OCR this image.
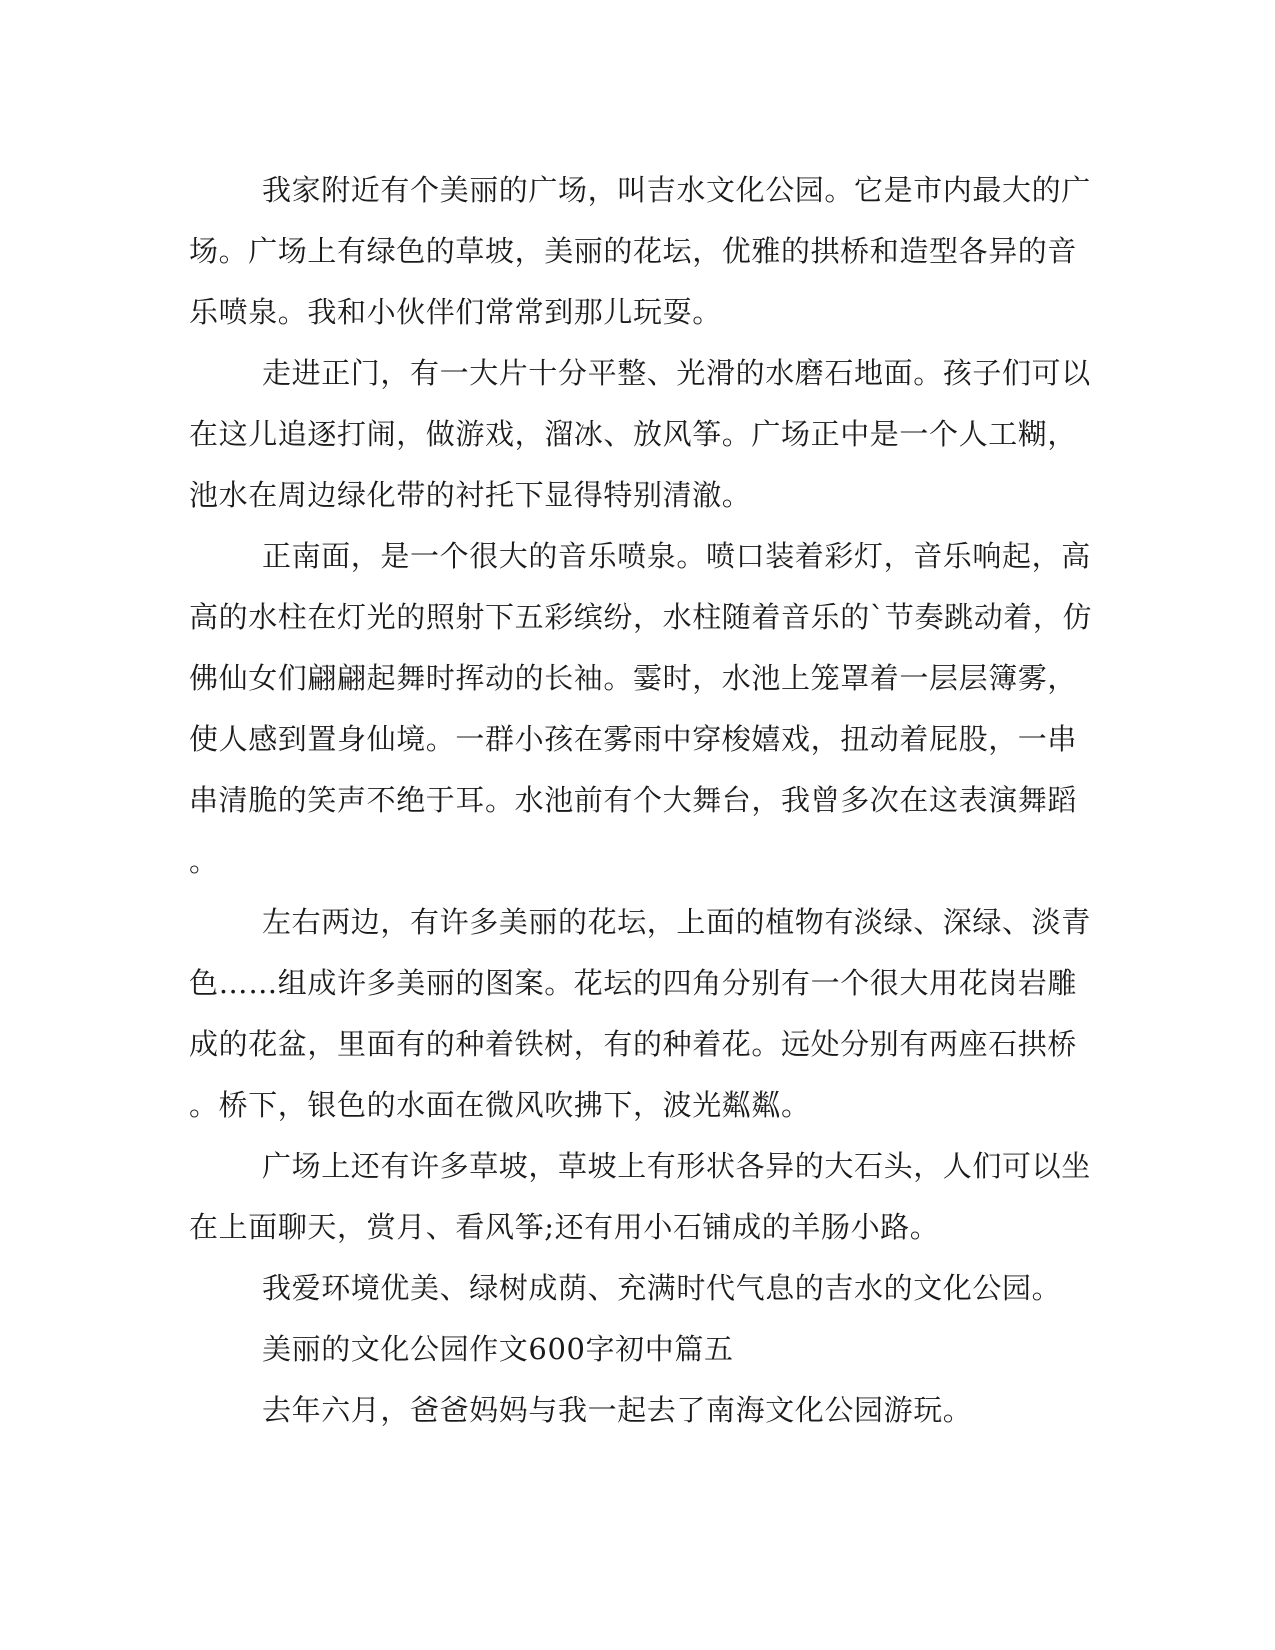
我家附近有个美丽的广场，叫吉水文化公园。它是市内最大的广
场。广场上有绿色的草坡，美丽的花坛，优雅的拱桥和造型各异的音
乐喷泉。我和小伙伴们常常到那儿玩耍。
走进正门，有一大片十分平整、光滑的水磨石地面。孩子们可以
在这儿追逐打闹，做游戏，溜冰、放风筝。广场正中是一个人工糊，
池水在周边绿化带的衬托下显得特别清澈。
正南面，是一个很大的音乐喷泉。喷口装着彩灯，音乐响起，高
高的水柱在灯光的照射下五彩缤纷，水柱随着音乐的`节奏跳动着，仿
佛仙女们翩翩起舞时挥动的长袖。霎时，水池上笼罩着一层层簿雾，
使人感到置身仙境。一群小孩在雾雨中穿梭嬉戏，扭动着屁股，一串
串清脆的笑声不绝于耳。水池前有个大舞台，我曾多次在这表演舞蹈
。
左右两边，有许多美丽的花坛，上面的植物有淡绿、深绿、淡青
色……组成许多美丽的图案。花坛的四角分别有一个很大用花岗岩雕
成的花盆，里面有的种着铁树，有的种着花。远处分别有两座石拱桥
。桥下，银色的水面在微风吹拂下，波光粼粼。
广场上还有许多草坡，草坡上有形状各异的大石头，人们可以坐
在上面聊天，赏月、看风筝;还有用小石铺成的羊肠小路。
我爱环境优美、绿树成荫、充满时代气息的吉水的文化公园。
美丽的文化公园作文600字初中篇五
去年六月，爸爸妈妈与我一起去了南海文化公园游玩。
